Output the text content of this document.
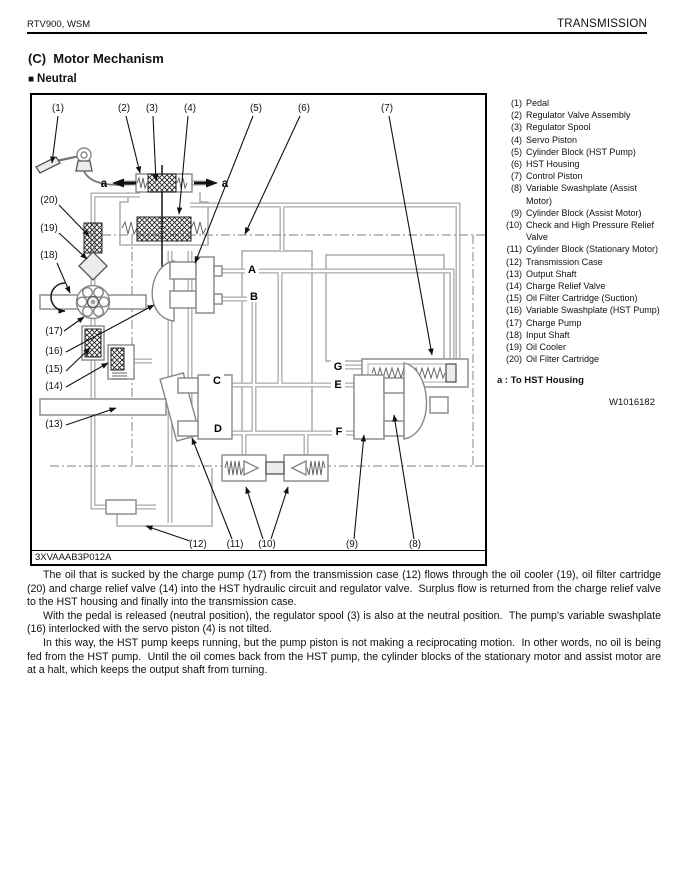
RTV900, WSM	TRANSMISSION
(C)  Motor Mechanism
■ Neutral
a	a
A
B
C
D
E
F
G
(1)	(2) (3)	(4)	(5)	(6)	(7)
(20)
(19)
(18)
(17)
(16)
(15)
(14)
(13)
(12) (11) (10)	(9)	(8)
3XVAAAB3P012A
(1) Pedal
(2) Regulator Valve Assembly
(3) Regulator Spool
(4) Servo Piston
(5) Cylinder Block (HST Pump)
(6) HST Housing
(7) Control Piston
(8) Variable Swashplate (Assist Motor)
(9) Cylinder Block (Assist Motor)
(10) Check and High Pressure Relief Valve
(11) Cylinder Block (Stationary Motor)
(12) Transmission Case
(13) Output Shaft
(14) Charge Relief Valve
(15) Oil Filter Cartridge (Suction)
(16) Variable Swashplate (HST Pump)
(17) Charge Pump
(18) Input Shaft
(19) Oil Cooler
(20) Oil Filter Cartridge
a : To HST Housing
W1016182

The oil that is sucked by the charge pump (17) from the transmission case (12) flows through the oil cooler (19), oil filter cartridge (20) and charge relief valve (14) into the HST hydraulic circuit and regulator valve.  Surplus flow is returned from the charge relief valve to the HST housing and finally into the transmission case.

With the pedal is released (neutral position), the regulator spool (3) is also at the neutral position.  The pump's variable swashplate (16) interlocked with the servo piston (4) is not tilted.

In this way, the HST pump keeps running, but the pump piston is not making a reciprocating motion.  In other words, no oil is being fed from the HST pump.  Until the oil comes back from the HST pump, the cylinder blocks of the stationary motor and assist motor are at a halt, which keeps the output shaft from turning.
